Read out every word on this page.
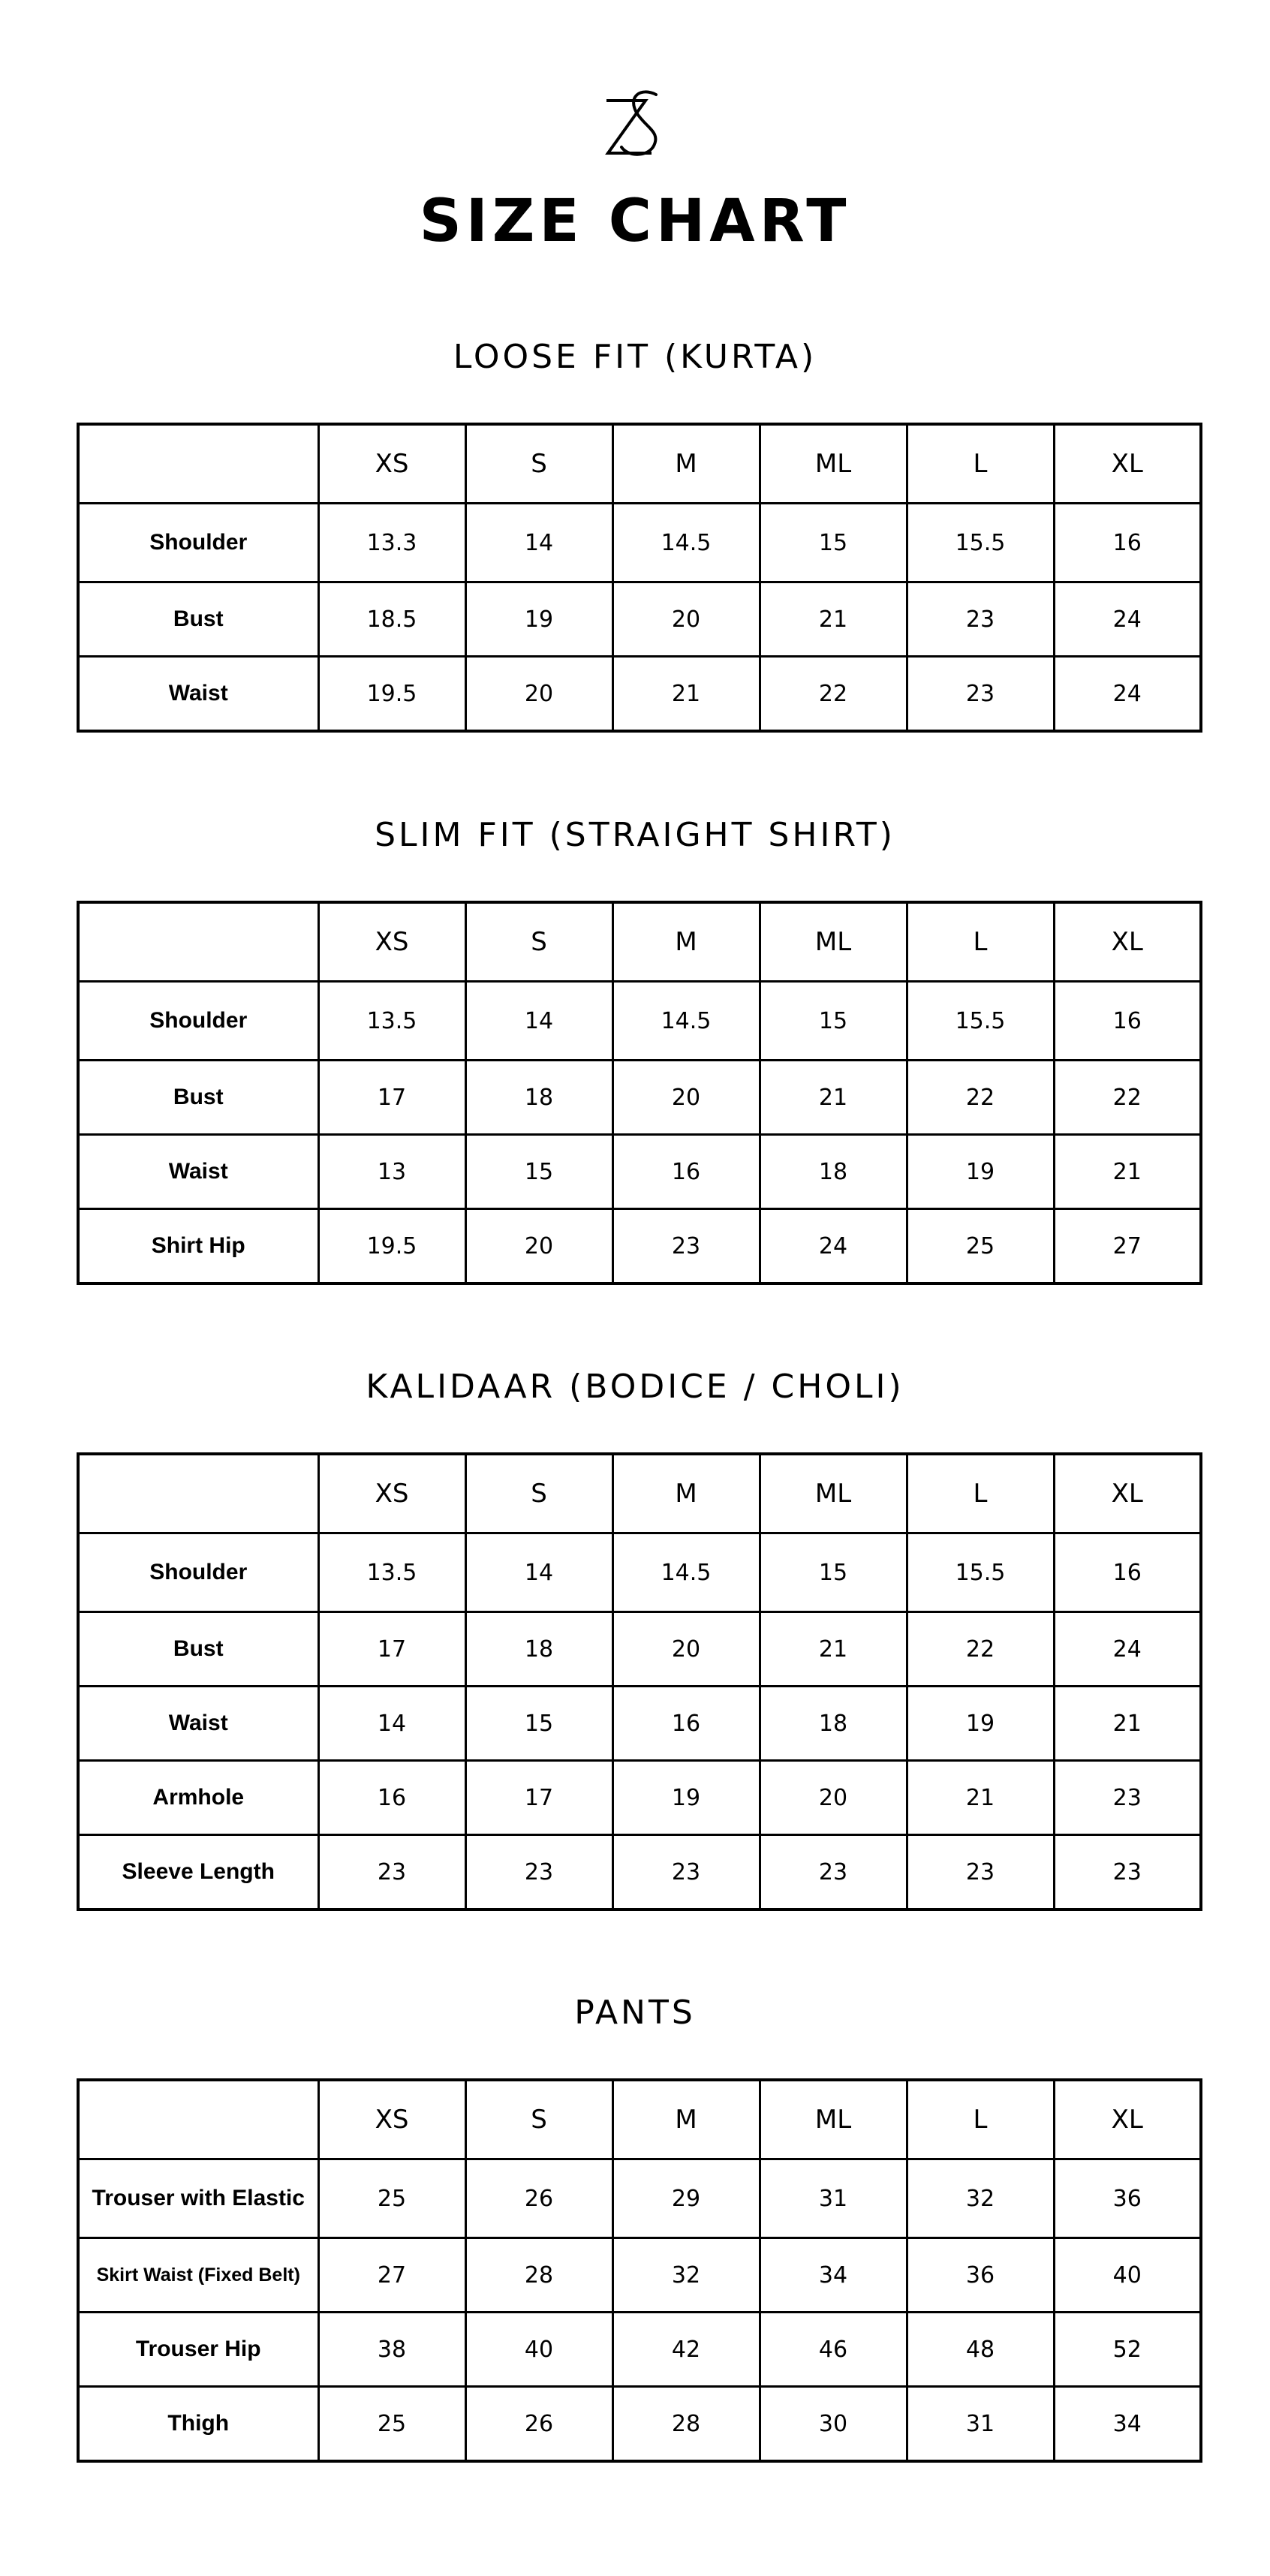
SIZE CHART
LOOSE FIT (KURTA)
	XS	S	M	ML	L	XL
Shoulder	13.3	14	14.5	15	15.5	16
Bust	18.5	19	20	21	23	24
Waist	19.5	20	21	22	23	24
SLIM FIT (STRAIGHT SHIRT)
	XS	S	M	ML	L	XL
Shoulder	13.5	14	14.5	15	15.5	16
Bust	17	18	20	21	22	22
Waist	13	15	16	18	19	21
Shirt Hip	19.5	20	23	24	25	27
KALIDAAR (BODICE / CHOLI)
	XS	S	M	ML	L	XL
Shoulder	13.5	14	14.5	15	15.5	16
Bust	17	18	20	21	22	24
Waist	14	15	16	18	19	21
Armhole	16	17	19	20	21	23
Sleeve Length	23	23	23	23	23	23
PANTS
	XS	S	M	ML	L	XL
Trouser with Elastic	25	26	29	31	32	36
Skirt Waist (Fixed Belt)	27	28	32	34	36	40
Trouser Hip	38	40	42	46	48	52
Thigh	25	26	28	30	31	34
